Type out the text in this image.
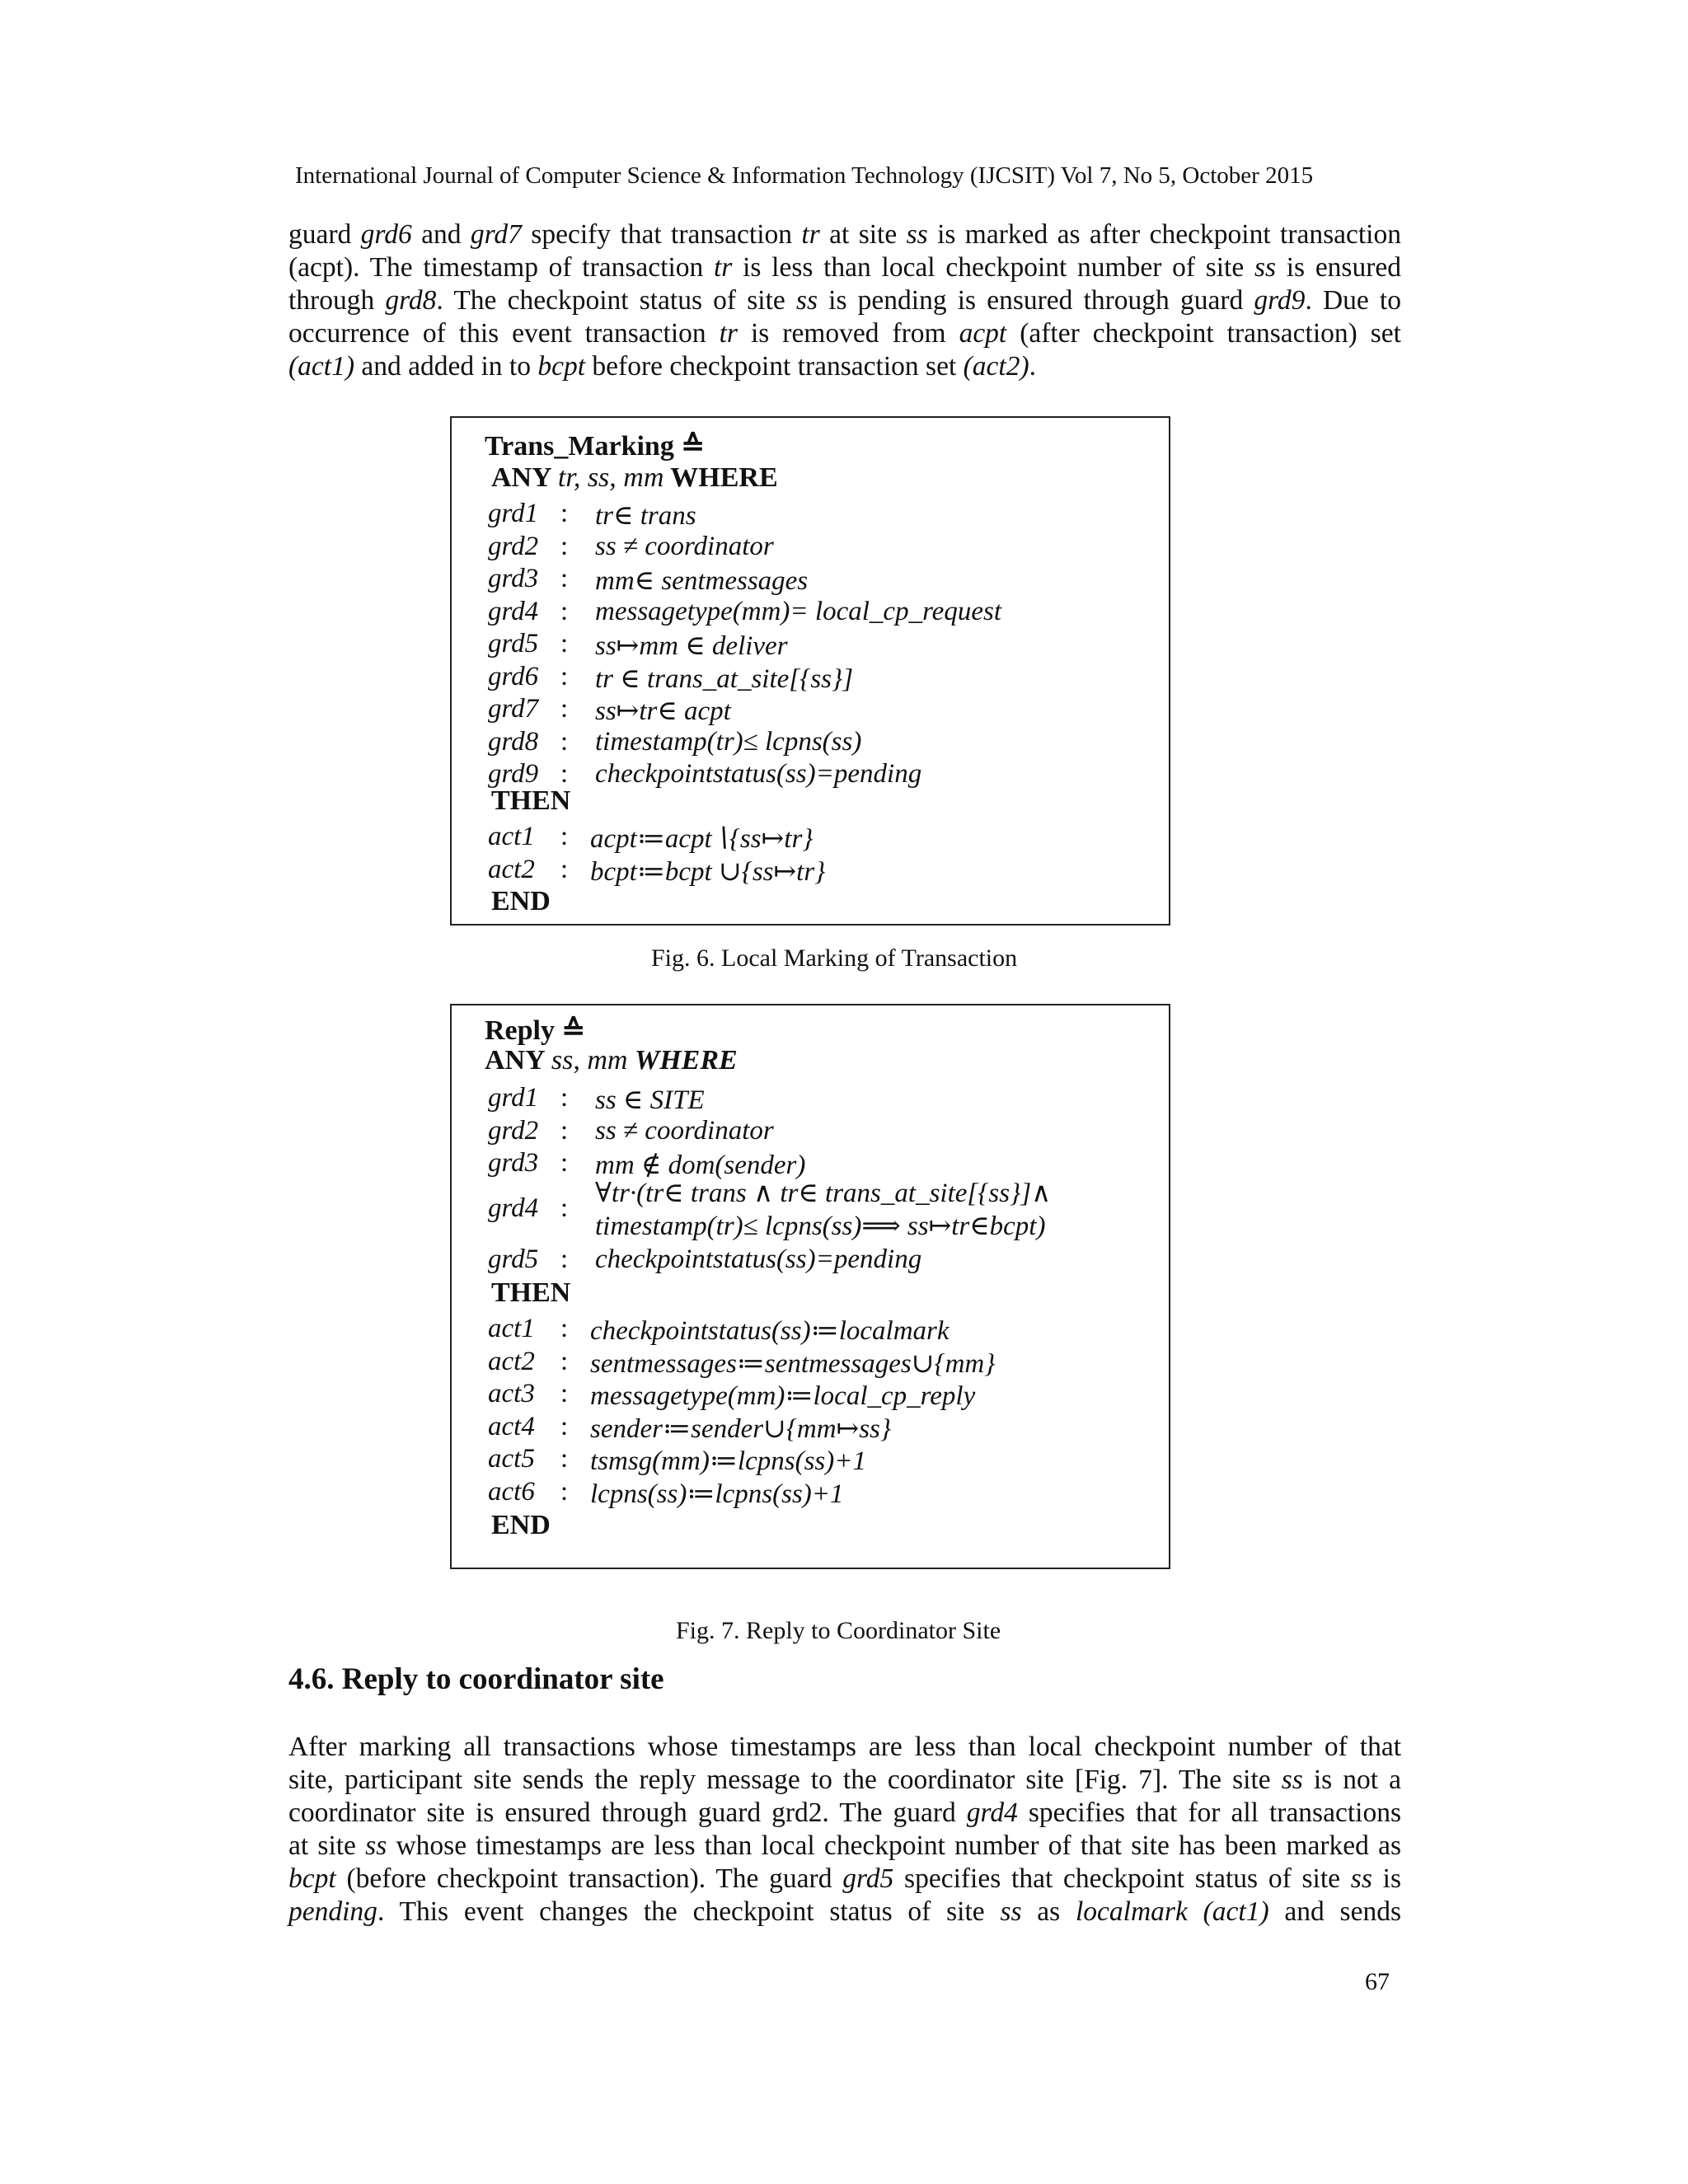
International Journal of Computer Science & Information Technology (IJCSIT) Vol 7, No 5, October 2015

guard grd6 and grd7 specify that transaction tr at site ss is marked as after checkpoint transaction
(acpt). The timestamp of transaction tr is less than local checkpoint number of site ss is ensured
through grd8. The checkpoint status of site ss is pending is ensured through guard grd9. Due to
occurrence of this event transaction tr is removed from acpt (after checkpoint transaction) set
(act1) and added in to bcpt before checkpoint transaction set (act2).

Trans_Marking ≙
ANY tr, ss, mm WHERE
grd1 : tr∈ trans
grd2 : ss ≠ coordinator
grd3 : mm∈ sentmessages
grd4 : messagetype(mm)= local_cp_request
grd5 : ss↦mm ∈ deliver
grd6 : tr ∈ trans_at_site[{ss}]
grd7 : ss↦tr∈ acpt
grd8 : timestamp(tr)≤ lcpns(ss)
grd9 : checkpointstatus(ss)=pending
THEN
act1 : acpt≔acpt∖{ss↦tr}
act2 : bcpt≔bcpt ∪{ss↦tr}
END
Fig. 6. Local Marking of Transaction
Reply ≙
ANY ss, mm WHERE
grd1 : ss ∈ SITE
grd2 : ss ≠ coordinator
grd3 : mm ∉ dom(sender)
grd4 : ∀tr·(tr∈ trans ∧ tr∈ trans_at_site[{ss}]∧
timestamp(tr)≤ lcpns(ss)⟹ ss↦tr∈bcpt)
grd5 : checkpointstatus(ss)=pending
THEN
act1 : checkpointstatus(ss)≔localmark
act2 : sentmessages≔sentmessages∪{mm}
act3 : messagetype(mm)≔local_cp_reply
act4 : sender≔sender∪{mm↦ss}
act5 : tsmsg(mm)≔lcpns(ss)+1
act6 : lcpns(ss)≔lcpns(ss)+1
END
Fig. 7. Reply to Coordinator Site
4.6. Reply to coordinator site

After marking all transactions whose timestamps are less than local checkpoint number of that
site, participant site sends the reply message to the coordinator site [Fig. 7]. The site ss is not a
coordinator site is ensured through guard grd2. The guard grd4 specifies that for all transactions
at site ss whose timestamps are less than local checkpoint number of that site has been marked as
bcpt (before checkpoint transaction). The guard grd5 specifies that checkpoint status of site ss is
pending. This event changes the checkpoint status of site ss as localmark (act1) and sends

67
